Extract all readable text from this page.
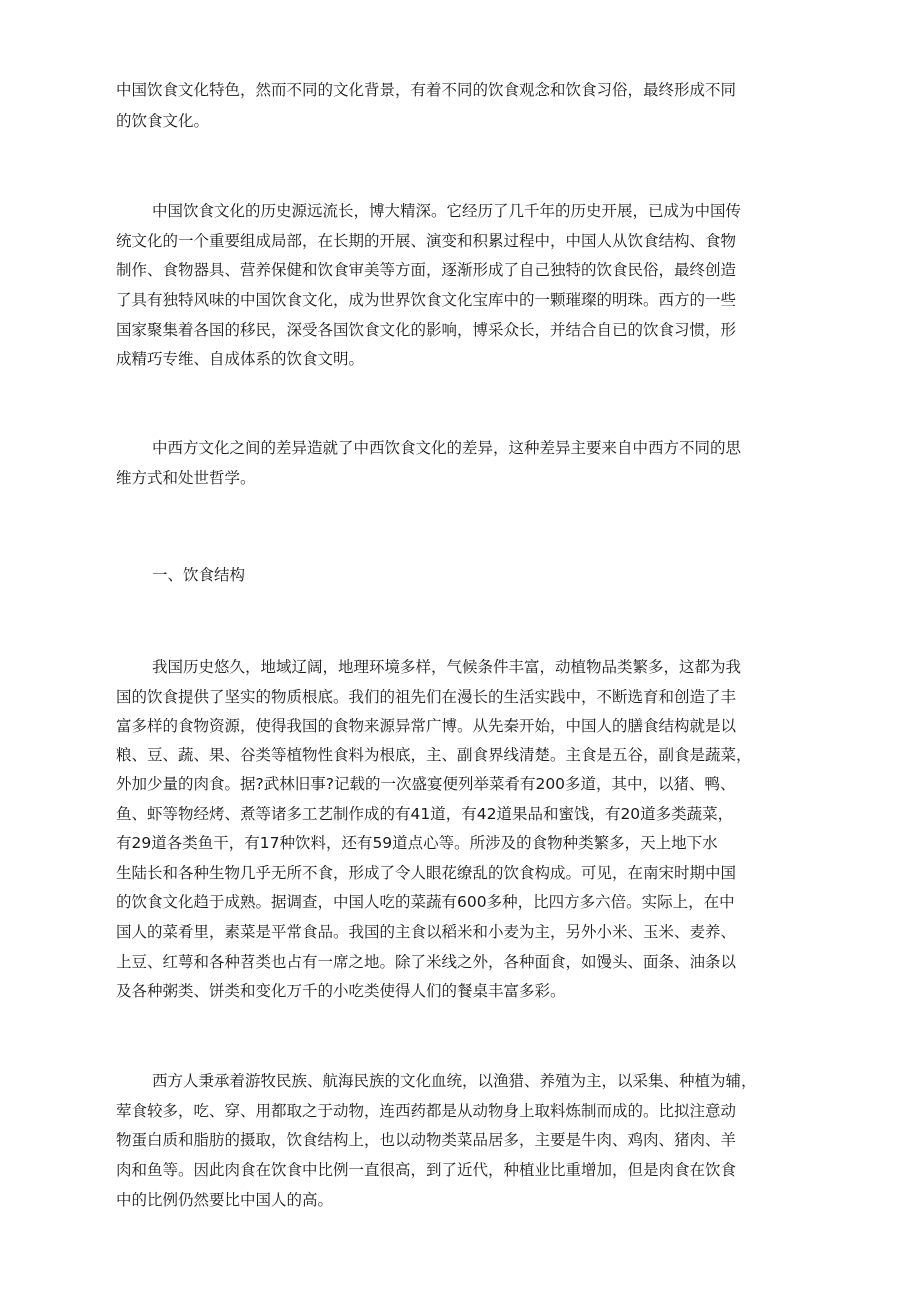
中国饮食文化特色，然而不同的文化背景，有着不同的饮食观念和饮食习俗，最终形成不同
的饮食文化。
中国饮食文化的历史源远流长，博大精深。它经历了几千年的历史开展，已成为中国传
统文化的一个重要组成局部，在长期的开展、演变和积累过程中，中国人从饮食结构、食物
制作、食物器具、营养保健和饮食审美等方面，逐渐形成了自己独特的饮食民俗，最终创造
了具有独特风味的中国饮食文化，成为世界饮食文化宝库中的一颗璀璨的明珠。西方的一些
国家聚集着各国的移民，深受各国饮食文化的影响，博采众长，并结合自已的饮食习惯，形
成精巧专维、自成体系的饮食文明。
中西方文化之间的差异造就了中西饮食文化的差异，这种差异主要来自中西方不同的思
维方式和处世哲学。
一、饮食结构
我国历史悠久，地域辽阔，地理环境多样，气候条件丰富，动植物品类繁多，这都为我
国的饮食提供了坚实的物质根底。我们的祖先们在漫长的生活实践中，不断选育和创造了丰
富多样的食物资源，使得我国的食物来源异常广博。从先秦开始，中国人的膳食结构就是以
粮、豆、蔬、果、谷类等植物性食料为根底，主、副食界线清楚。主食是五谷，副食是蔬菜，
外加少量的肉食。据?武林旧事?记载的一次盛宴便列举菜肴有200多道，其中，以猪、鸭、
鱼、虾等物经烤、煮等诸多工艺制作成的有41道，有42道果品和蜜饯，有20道多类蔬菜，
有29道各类鱼干，有17种饮料，还有59道点心等。所涉及的食物种类繁多，天上地下水
生陆长和各种生物几乎无所不食，形成了令人眼花缭乱的饮食构成。可见，在南宋时期中国
的饮食文化趋于成熟。据调查，中国人吃的菜蔬有600多种，比四方多六倍。实际上，在中
国人的菜肴里，素菜是平常食品。我国的主食以稻米和小麦为主，另外小米、玉米、麦养、
上豆、红萼和各种苕类也占有一席之地。除了米线之外，各种面食，如馒头、面条、油条以
及各种粥类、饼类和变化万千的小吃类使得人们的餐桌丰富多彩。
西方人秉承着游牧民族、航海民族的文化血统，以渔猎、养殖为主，以采集、种植为辅，
荤食较多，吃、穿、用都取之于动物，连西药都是从动物身上取料炼制而成的。比拟注意动
物蛋白质和脂肪的摄取，饮食结构上，也以动物类菜品居多，主要是牛肉、鸡肉、猪肉、羊
肉和鱼等。因此肉食在饮食中比例一直很高，到了近代，种植业比重增加，但是肉食在饮食
中的比例仍然要比中国人的高。
